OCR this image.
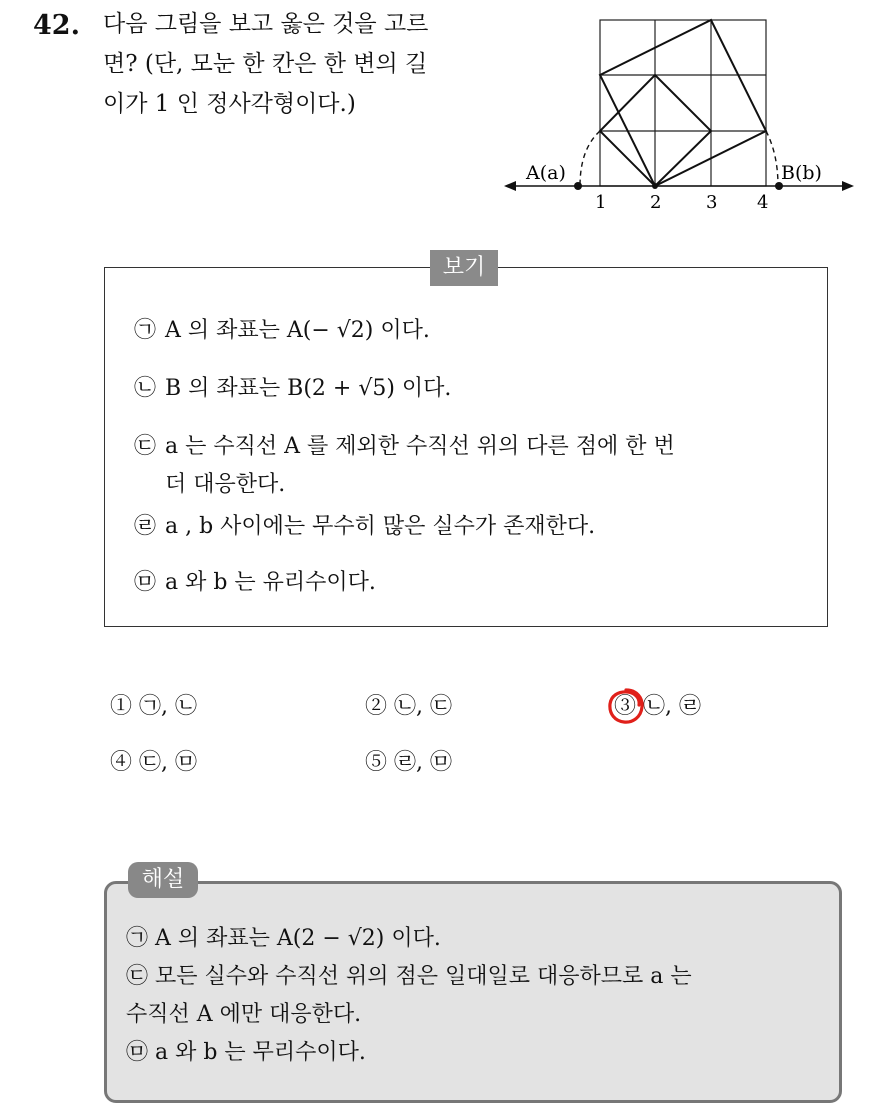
42. 다음 그림을 보고 옳은 것을 고르
면? (단, 모눈 한 칸은 한 변의 길
이가 1 인 정사각형이다.)
A(a)	B(b)
1 2 3 4
보기
㉠ A 의 좌표는 A(− √2) 이다.
㉡ B 의 좌표는 B(2 + √5) 이다.
㉢ a 는 수직선 A 를 제외한 수직선 위의 다른 점에 한 번
더 대응한다.
㉣ a , b 사이에는 무수히 많은 실수가 존재한다.
㉤ a 와 b 는 유리수이다.
① ㉠, ㉡	② ㉡, ㉢	③ ㉡, ㉣
④ ㉢, ㉤	⑤ ㉣, ㉤
해설
㉠ A 의 좌표는 A(2 − √2) 이다.
㉢ 모든 실수와 수직선 위의 점은 일대일로 대응하므로 a 는
수직선 A 에만 대응한다.
㉤ a 와 b 는 무리수이다.
